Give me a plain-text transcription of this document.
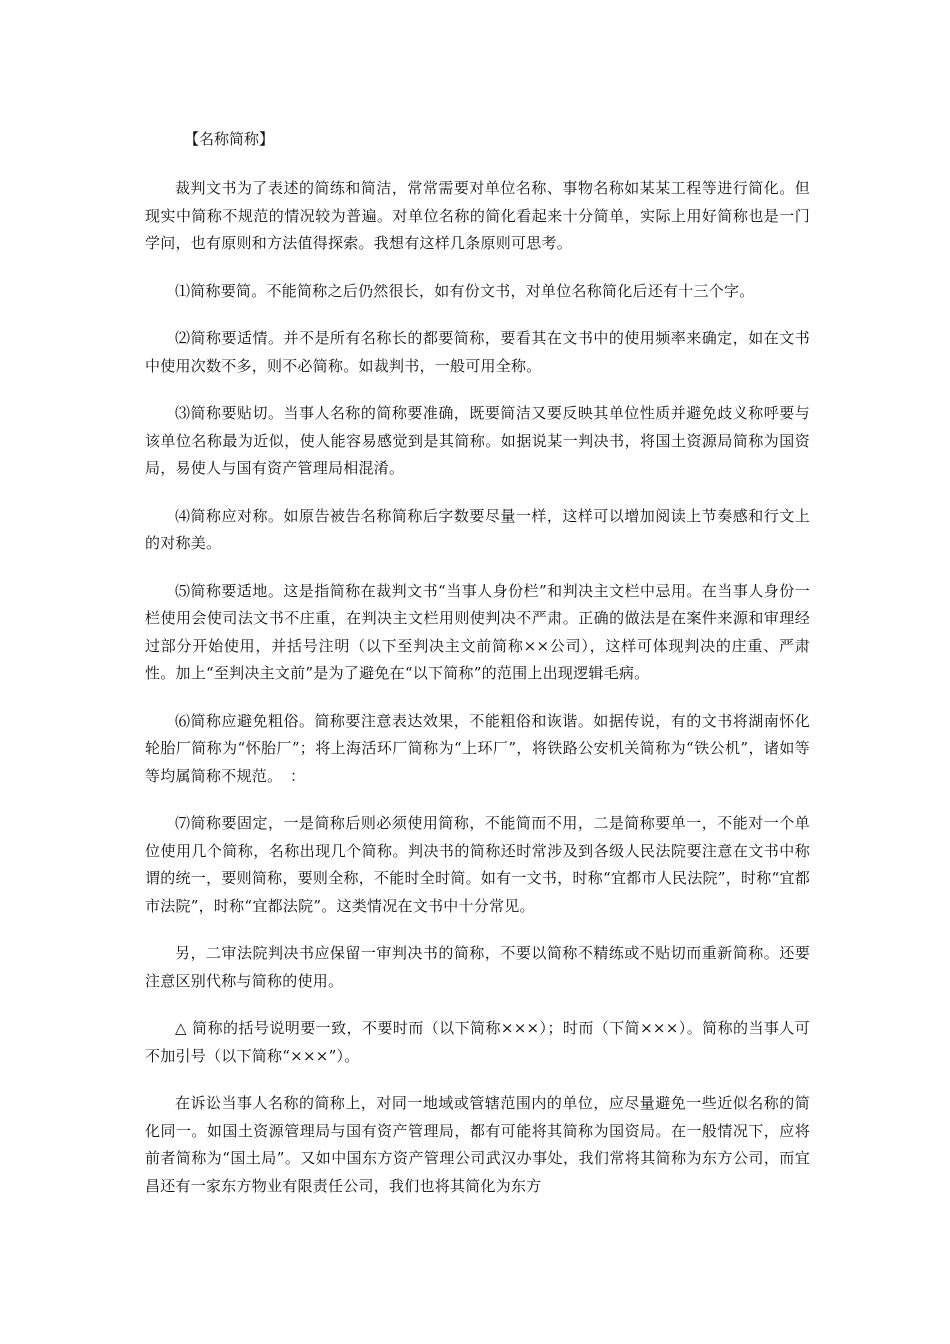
【名称简称】

裁判文书为了表述的简练和简洁，常常需要对单位名称、事物名称如某某工程等进行简化。但现实中简称不规范的情况较为普遍。对单位名称的简化看起来十分简单，实际上用好简称也是一门学问，也有原则和方法值得探索。我想有这样几条原则可思考。

⑴简称要简。不能简称之后仍然很长，如有份文书，对单位名称简化后还有十三个字。

⑵简称要适情。并不是所有名称长的都要简称，要看其在文书中的使用频率来确定，如在文书中使用次数不多，则不必简称。如裁判书，一般可用全称。

⑶简称要贴切。当事人名称的简称要准确，既要简洁又要反映其单位性质并避免歧义称呼要与该单位名称最为近似，使人能容易感觉到是其简称。如据说某一判决书，将国土资源局简称为国资局，易使人与国有资产管理局相混淆。

⑷简称应对称。如原告被告名称简称后字数要尽量一样，这样可以增加阅读上节奏感和行文上的对称美。

⑸简称要适地。这是指简称在裁判文书“当事人身份栏”和判决主文栏中忌用。在当事人身份一栏使用会使司法文书不庄重，在判决主文栏用则使判决不严肃。正确的做法是在案件来源和审理经过部分开始使用，并括号注明（以下至判决主文前简称××公司），这样可体现判决的庄重、严肃性。加上“至判决主文前”是为了避免在“以下简称”的范围上出现逻辑毛病。

⑹简称应避免粗俗。简称要注意表达效果，不能粗俗和诙谐。如据传说，有的文书将湖南怀化轮胎厂简称为“怀胎厂”；将上海活环厂简称为“上环厂”，将铁路公安机关简称为“铁公机”，诸如等等均属简称不规范。　：

⑺简称要固定，一是简称后则必须使用简称，不能简而不用，二是简称要单一，不能对一个单位使用几个简称，名称出现几个简称。判决书的简称还时常涉及到各级人民法院要注意在文书中称谓的统一，要则简称，要则全称，不能时全时简。如有一文书，时称“宜都市人民法院”，时称“宜都市法院”，时称“宜都法院”。这类情况在文书中十分常见。

另，二审法院判决书应保留一审判决书的简称，不要以简称不精练或不贴切而重新简称。还要注意区别代称与简称的使用。

△ 简称的括号说明要一致，不要时而（以下简称×××）；时而（下简×××）。简称的当事人可不加引号（以下简称“×××”）。

在诉讼当事人名称的简称上，对同一地域或管辖范围内的单位，应尽量避免一些近似名称的简化同一。如国土资源管理局与国有资产管理局，都有可能将其简称为国资局。在一般情况下，应将前者简称为“国土局”。又如中国东方资产管理公司武汉办事处，我们常将其简称为东方公司，而宜昌还有一家东方物业有限责任公司，我们也将其简化为东方
